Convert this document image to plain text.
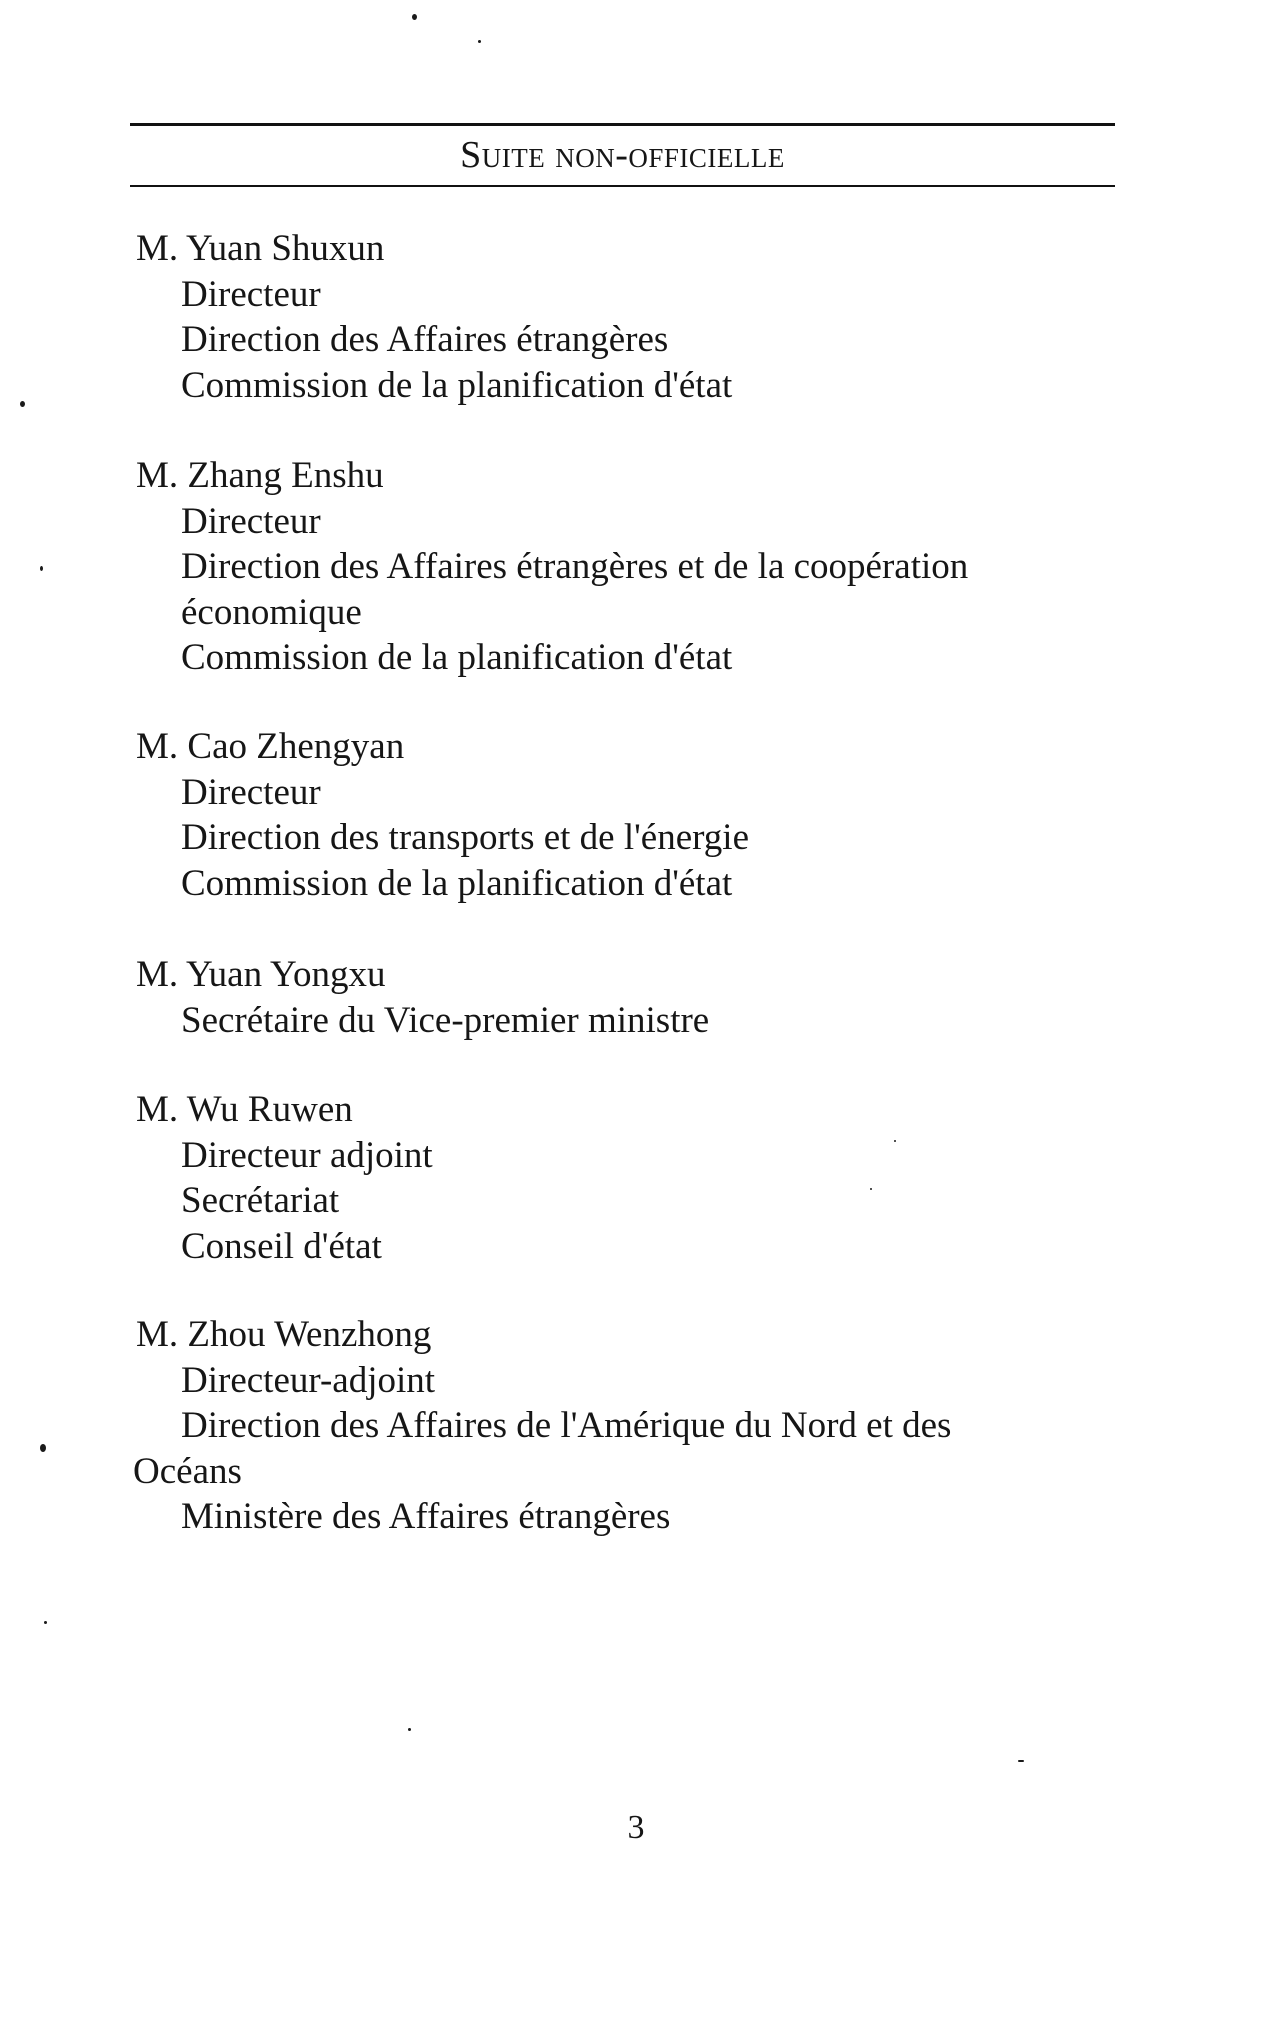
Suite non-officielle
M. Yuan Shuxun
Directeur
Direction des Affaires étrangères
Commission de la planification d'état
M. Zhang Enshu
Directeur
Direction des Affaires étrangères et de la coopération
économique
Commission de la planification d'état
M. Cao Zhengyan
Directeur
Direction des transports et de l'énergie
Commission de la planification d'état
M. Yuan Yongxu
Secrétaire du Vice-premier ministre
M. Wu Ruwen
Directeur adjoint
Secrétariat
Conseil d'état
M. Zhou Wenzhong
Directeur-adjoint
Direction des Affaires de l'Amérique du Nord et des
Océans
Ministère des Affaires étrangères
3
